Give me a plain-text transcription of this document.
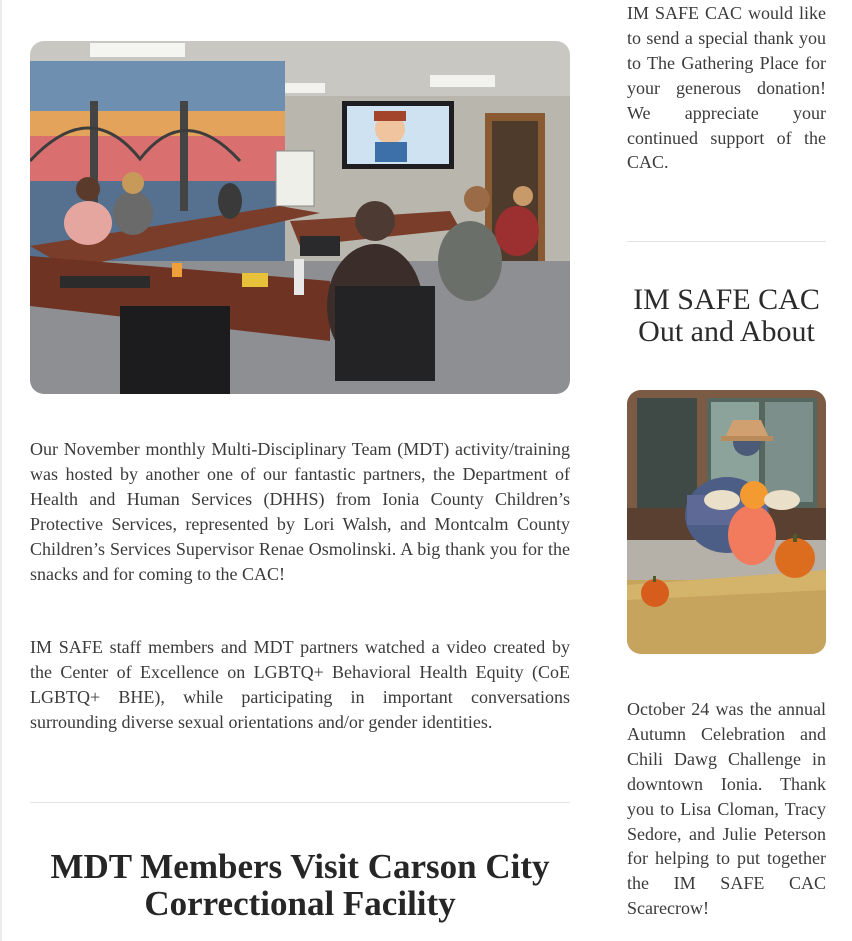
Our November monthly Multi-Disciplinary Team (MDT) activity/training was hosted by another one of our fantastic partners, the Department of Health and Human Services (DHHS) from Ionia County Children’s Protective Services, represented by Lori Walsh, and Montcalm County Children’s Services Supervisor Renae Osmolinski. A big thank you for the snacks and for coming to the CAC!

IM SAFE staff members and MDT partners watched a video created by the Center of Excellence on LGBTQ+ Behavioral Health Equity (CoE LGBTQ+ BHE), while participating in important conversations surrounding diverse sexual orientations and/or gender identities.

MDT Members Visit Carson City Correctional Facility

IM SAFE CAC would like to send a special thank you to The Gathering Place for your generous donation! We appreciate your continued support of the CAC.

IM SAFE CAC Out and About

October 24 was the annual Autumn Celebration and Chili Dawg Challenge in downtown Ionia. Thank you to Lisa Cloman, Tracy Sedore, and Julie Peterson for helping to put together the IM SAFE CAC Scarecrow!
